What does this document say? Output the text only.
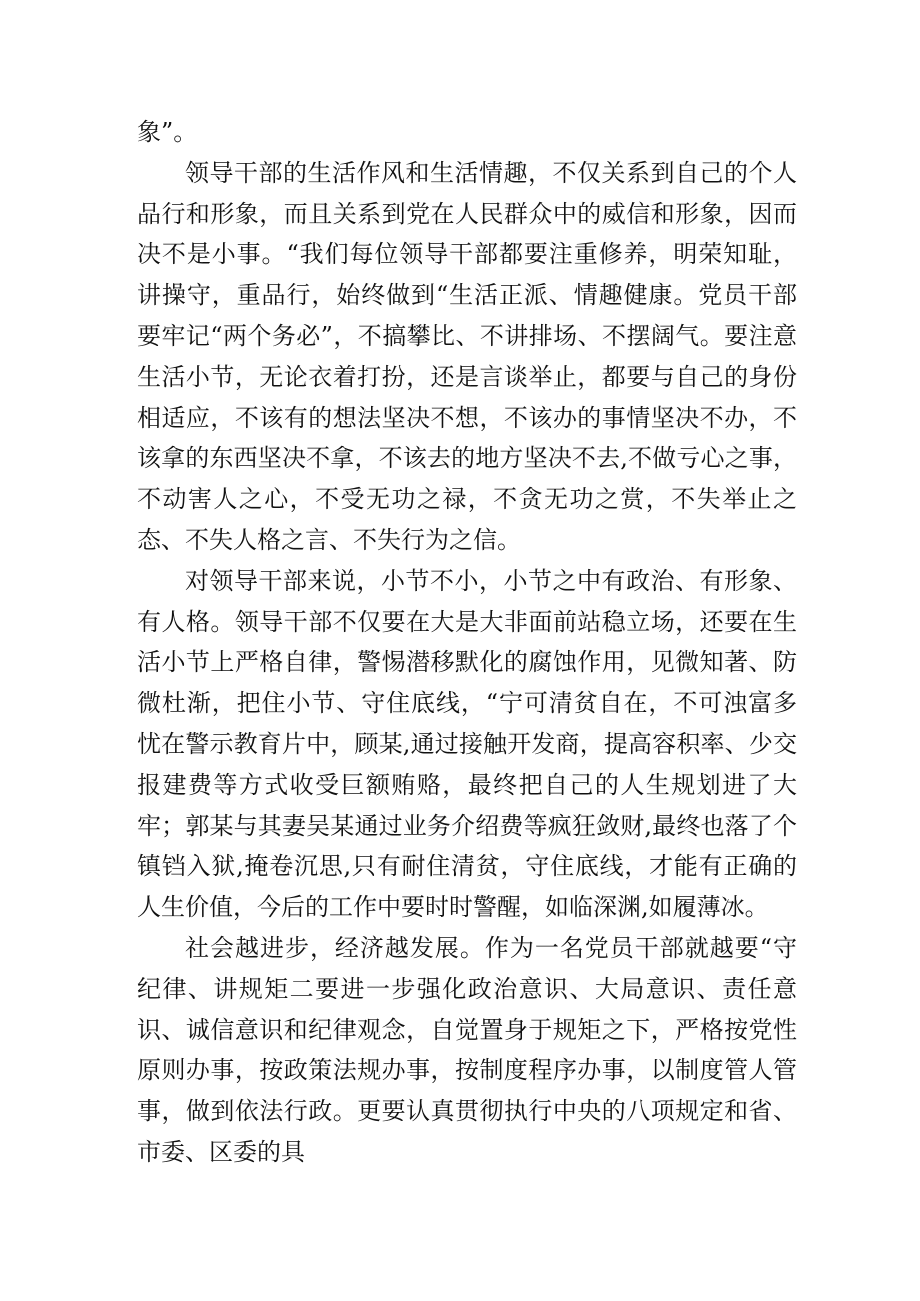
象”。

领导干部的生活作风和生活情趣，不仅关系到自己的个人品行和形象，而且关系到党在人民群众中的威信和形象，因而决不是小事。“我们每位领导干部都要注重修养，明荣知耻，讲操守，重品行，始终做到“生活正派、情趣健康。党员干部要牢记“两个务必”，不搞攀比、不讲排场、不摆阔气。要注意生活小节，无论衣着打扮，还是言谈举止，都要与自己的身份相适应，不该有的想法坚决不想，不该办的事情坚决不办，不该拿的东西坚决不拿，不该去的地方坚决不去,不做亏心之事，不动害人之心，不受无功之禄，不贪无功之赏，不失举止之态、不失人格之言、不失行为之信。

对领导干部来说，小节不小，小节之中有政治、有形象、有人格。领导干部不仅要在大是大非面前站稳立场，还要在生活小节上严格自律，警惕潜移默化的腐蚀作用，见微知著、防微杜渐，把住小节、守住底线，“宁可清贫自在，不可浊富多忧在警示教育片中，顾某,通过接触开发商，提高容积率、少交报建费等方式收受巨额贿赂，最终把自己的人生规划进了大牢；郭某与其妻吴某通过业务介绍费等疯狂敛财,最终也落了个镇铛入狱,掩卷沉思,只有耐住清贫，守住底线，才能有正确的人生价值，今后的工作中要时时警醒，如临深渊,如履薄冰。

社会越进步，经济越发展。作为一名党员干部就越要“守纪律、讲规矩二要进一步强化政治意识、大局意识、责任意识、诚信意识和纪律观念，自觉置身于规矩之下，严格按党性原则办事，按政策法规办事，按制度程序办事，以制度管人管事，做到依法行政。更要认真贯彻执行中央的八项规定和省、市委、区委的具
